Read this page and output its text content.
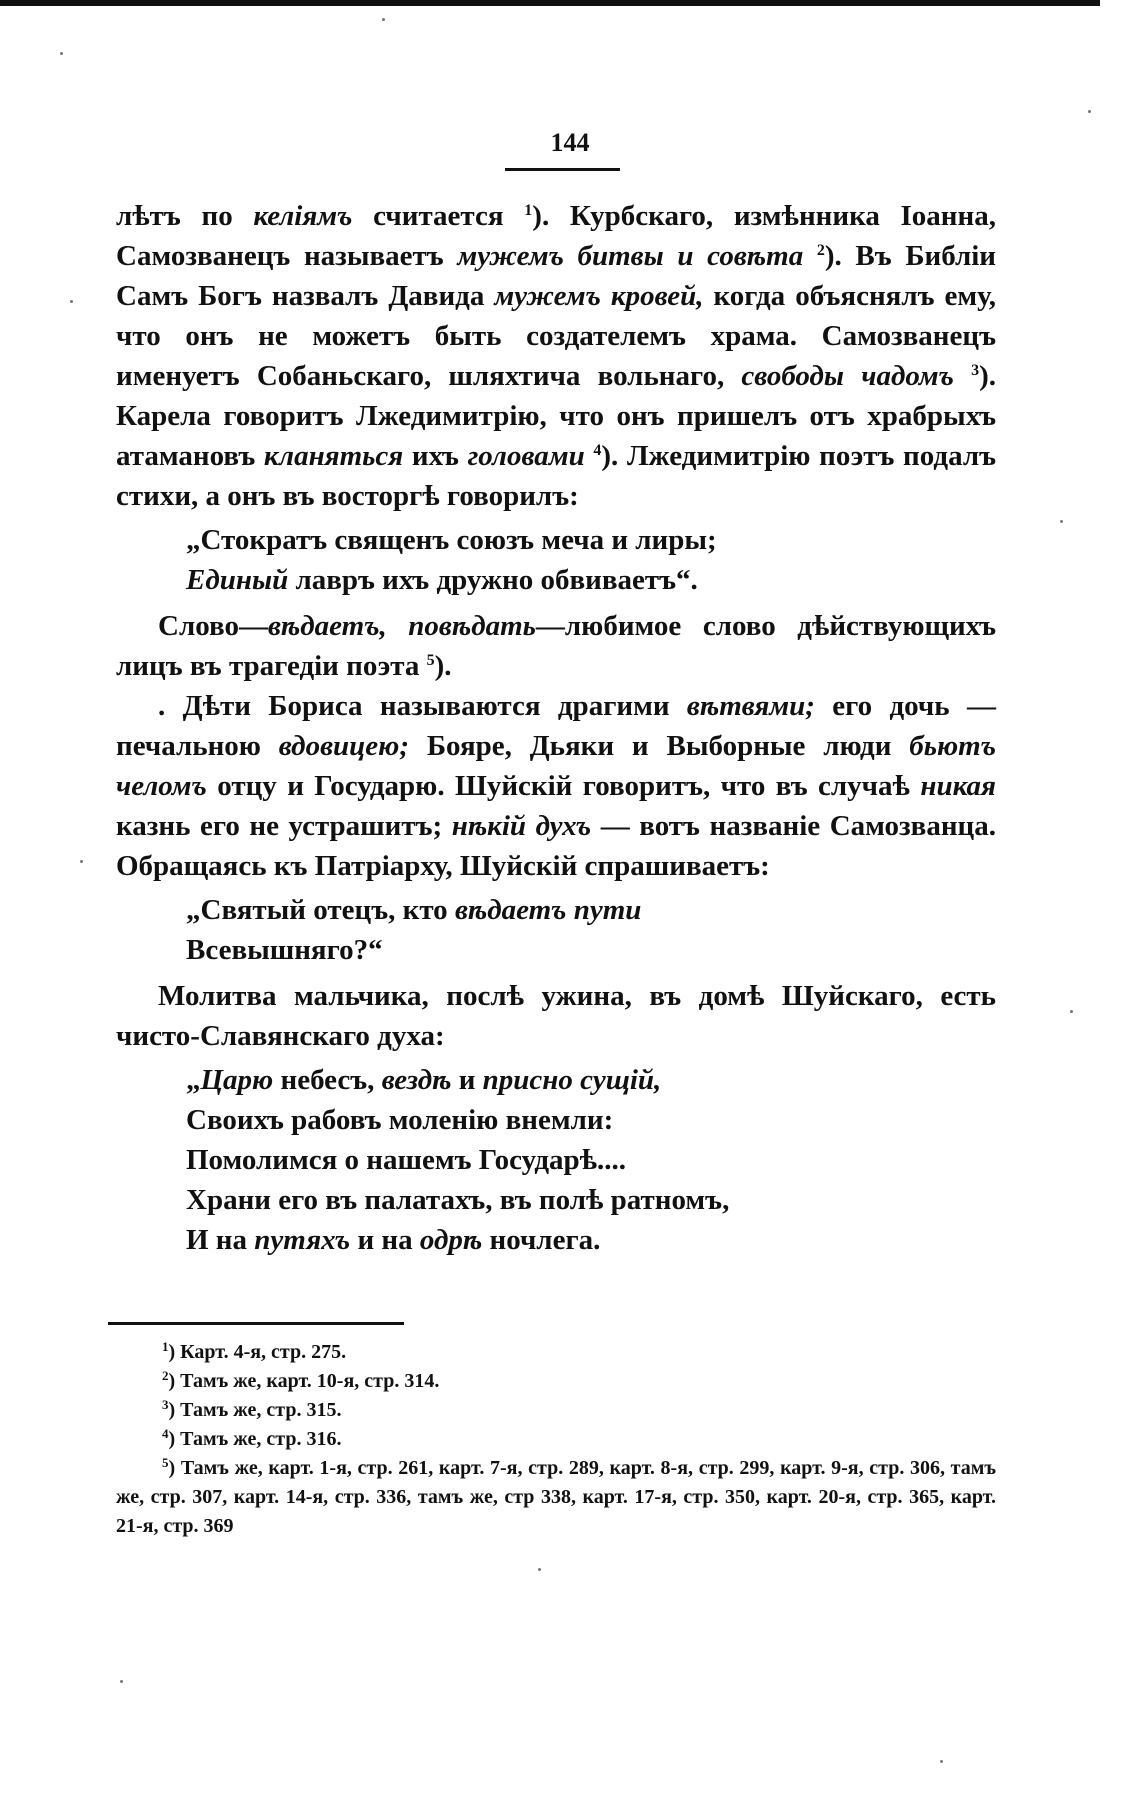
144

лѣтъ по келіямъ считается $^1$). Курбскаго, измѣнника Іоанна, Самозванецъ называетъ мужемъ битвы и совѣта $^2$). Въ Библіи Самъ Богъ назвалъ Давида мужемъ кровей, когда объяснялъ ему, что онъ не можетъ быть создателемъ храма. Самозванецъ именуетъ Собаньскаго, шляхтича вольнаго, свободы чадомъ $^3$). Карела говоритъ Лжедимитрію, что онъ пришелъ отъ храбрыхъ атамановъ кланяться ихъ головами $^4$). Лжедимитрію поэтъ подалъ стихи, а онъ въ восторгѣ говорилъ:

„Стократъ священъ союзъ меча и лиры;
Единый лавръ ихъ дружно обвиваетъ“.

Слово—вѣдаетъ, повѣдать—любимое слово дѣйствующихъ лицъ въ трагедіи поэта $^5$).

. Дѣти Бориса называются драгими вѣтвями; его дочь — печальною вдовицею; Бояре, Дьяки и Выборные люди бьютъ челомъ отцу и Государю. Шуйскій говоритъ, что въ случаѣ никая казнь его не устрашитъ; нѣкій духъ — вотъ названіе Самозванца. Обращаясь къ Патріарху, Шуйскій спрашиваетъ:

„Святый отецъ, кто вѣдаетъ пути
Всевышняго?“

Молитва мальчика, послѣ ужина, въ домѣ Шуйскаго, есть чисто-Славянскаго духа:

„Царю небесъ, вездѣ и присно сущій,
Своихъ рабовъ моленію внемли:
Помолимся о нашемъ Государѣ....
Храни его въ палатахъ, въ полѣ ратномъ,
И на путяхъ и на одрѣ ночлега.

$^1$) Карт. 4-я, стр. 275.

$^2$) Тамъ же, карт. 10-я, стр. 314.

$^3$) Тамъ же, стр. 315.

$^4$) Тамъ же, стр. 316.

$^5$) Тамъ же, карт. 1-я, стр. 261, карт. 7-я, стр. 289, карт. 8-я, стр. 299, карт. 9-я, стр. 306, тамъ же, стр. 307, карт. 14-я, стр. 336, тамъ же, стр 338, карт. 17-я, стр. 350, карт. 20-я, стр. 365, карт. 21-я, стр. 369
